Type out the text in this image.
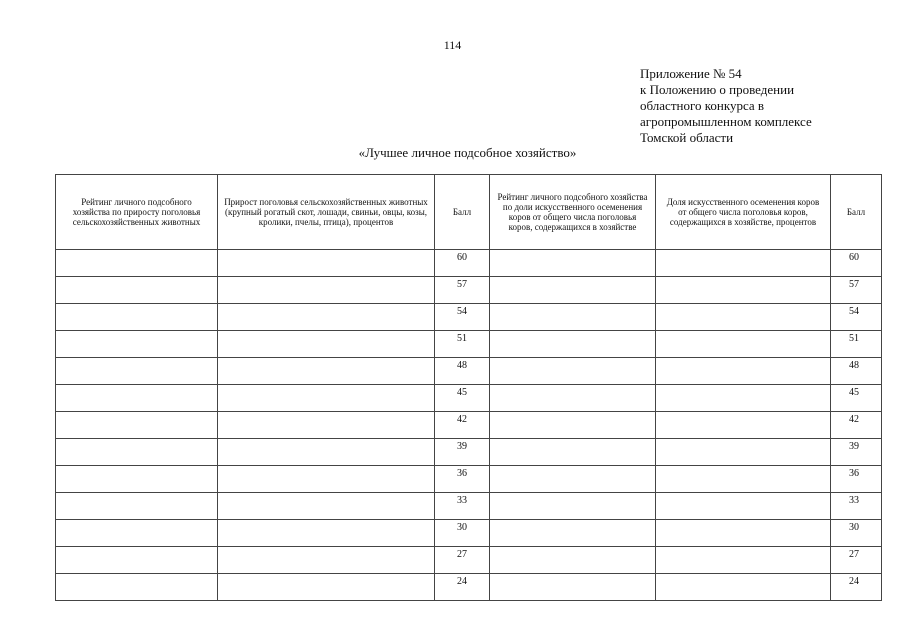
114
Приложение № 54
к Положению о проведении
областного конкурса в
агропромышленном комплексе
Томской области
«Лучшее личное подсобное хозяйство»
Рейтинг личного подсобного хозяйства по приросту поголовья сельскохозяйственных животных	Прирост поголовья сельскохозяйственных животных (крупный рогатый скот, лошади, свиньи, овцы, козы, кролики, пчелы, птица), процентов	Балл	Рейтинг личного подсобного хозяйства по доли искусственного осеменения коров от общего числа поголовья коров, содержащихся в хозяйстве	Доля искусственного осеменения коров от общего числа поголовья коров, содержащихся в хозяйстве, процентов	Балл
		60			60
		57			57
		54			54
		51			51
		48			48
		45			45
		42			42
		39			39
		36			36
		33			33
		30			30
		27			27
		24			24
